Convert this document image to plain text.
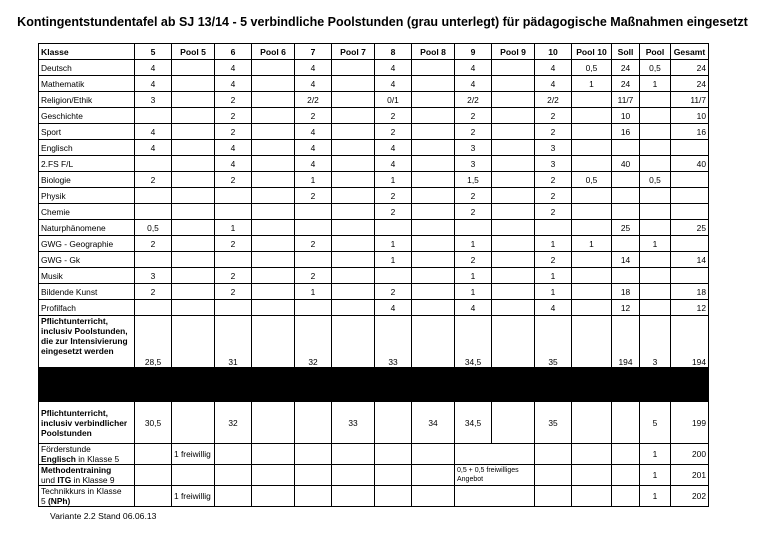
Kontingentstundentafel ab SJ 13/14 - 5 verbindliche Poolstunden (grau unterlegt) für pädagogische Maßnahmen eingesetzt
Klasse	5	Pool 5	6	Pool 6	7	Pool 7	8	Pool 8	9	Pool 9	10	Pool 10	Soll	Pool	Gesamt
Deutsch	4		4		4		4		4		4	0,5	24	0,5	24
Mathematik	4		4		4		4		4		4	1	24	1	24
Religion/Ethik	3		2		2/2		0/1		2/2		2/2		11/7		11/7
Geschichte			2		2		2		2		2		10		10
Sport	4		2		4		2		2		2		16		16
Englisch	4		4		4		4		3		3				
2.FS F/L			4		4		4		3		3		40		40
Biologie	2		2		1		1		1,5		2	0,5		0,5	
Physik					2		2		2		2				
Chemie							2		2		2				
Naturphänomene	0,5		1										25		25
GWG - Geographie	2		2		2		1		1		1	1		1	
GWG - Gk							1		2		2		14		14
Musik	3		2		2				1		1				
Bildende Kunst	2		2		1		2		1		1		18		18
Profilfach							4		4		4		12		12
Pflichtunterricht, inclusiv Poolstunden, die zur Intensivierung eingesetzt werden	28,5		31		32		33		34,5		35		194	3	194

Pflichtunterricht, inclusiv verbindlicher Poolstunden	30,5		32			33		34	34,5		35			5	199
Förderstunde
Englisch in Klasse 5		1 freiwillig												1	200
Methodentraining
und ITG in Klasse 9									0,5 + 0,5 freiwilliges Angebot					1	201
Technikkurs in Klasse
5 (NPh)		1 freiwillig												1	202
Variante 2.2 Stand 06.06.13
